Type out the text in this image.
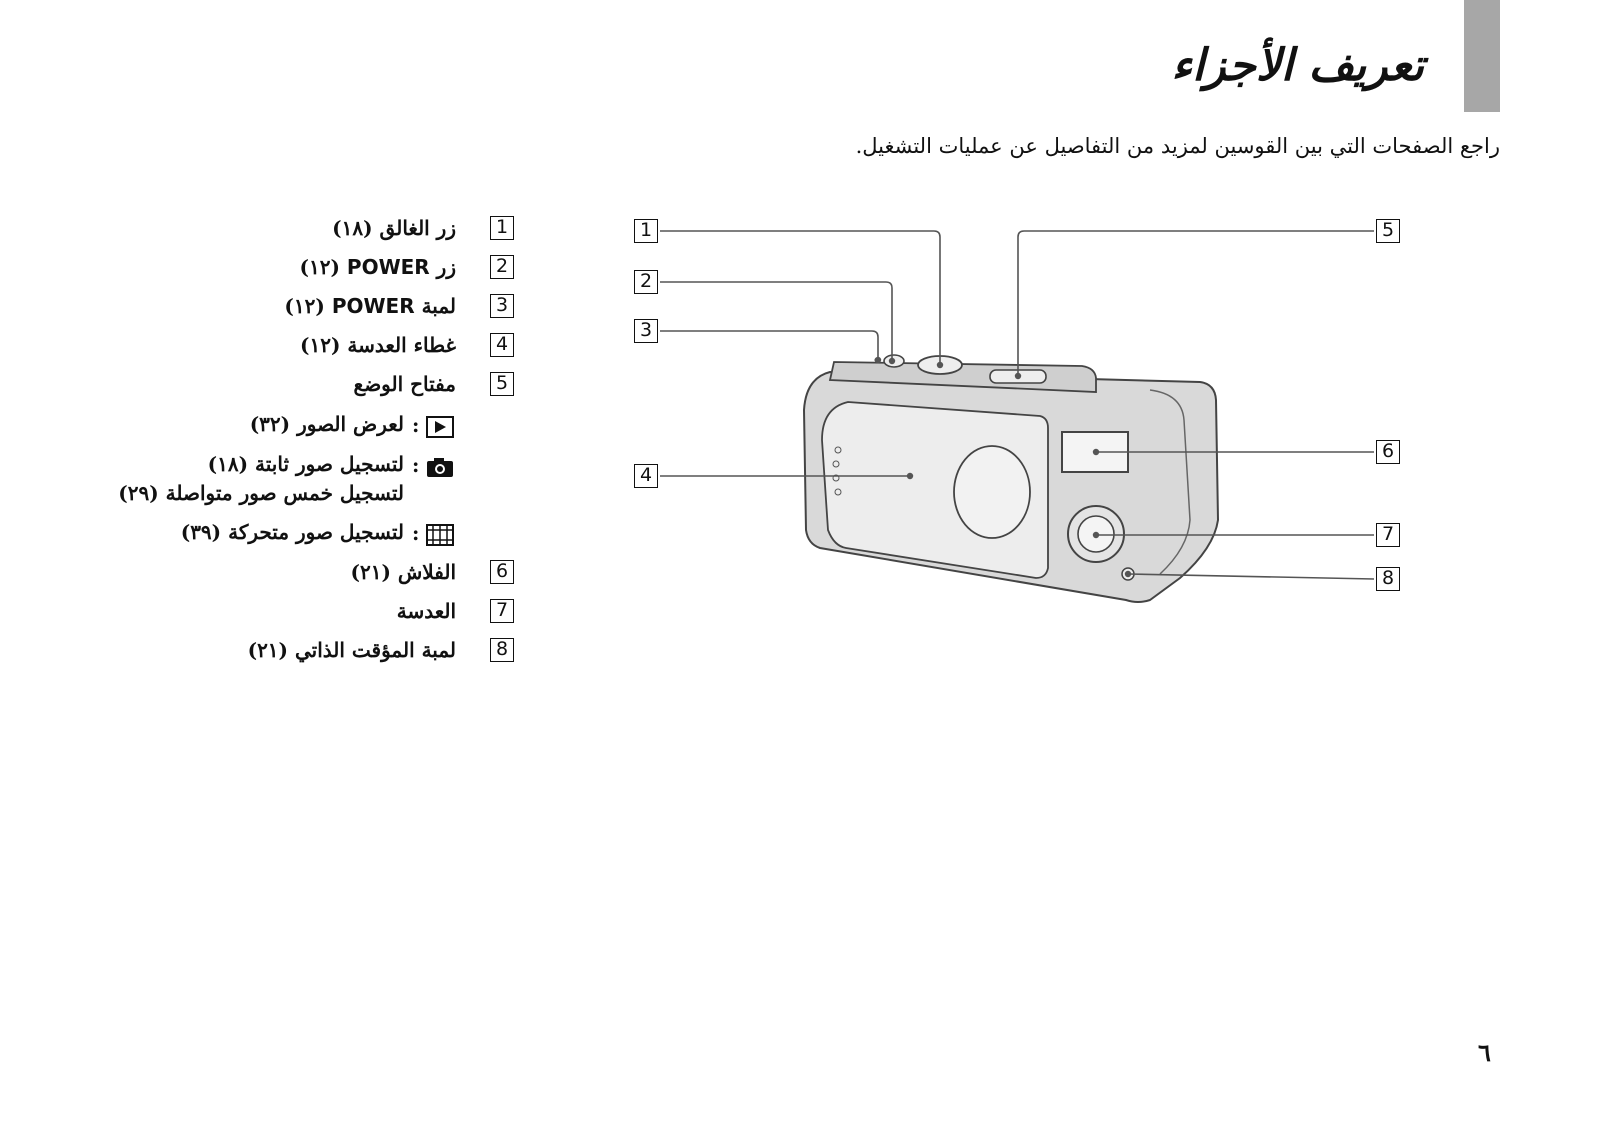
تعريف الأجزاء
راجع الصفحات التي بين القوسين لمزيد من التفاصيل عن عمليات التشغيل.
1
زر الغالق (١٨)
2
زر POWER (١٢)
3
لمبة POWER (١٢)
4
غطاء العدسة (١٢)
5
مفتاح الوضع
:
لعرض الصور (٣٢)
:
لتسجيل صور ثابتة (١٨)
لتسجيل خمس صور متواصلة (٢٩)
:
لتسجيل صور متحركة (٣٩)
6
الفلاش (٢١)
7
العدسة
8
لمبة المؤقت الذاتي (٢١)
1
2
3
4
5
6
7
8
٦
